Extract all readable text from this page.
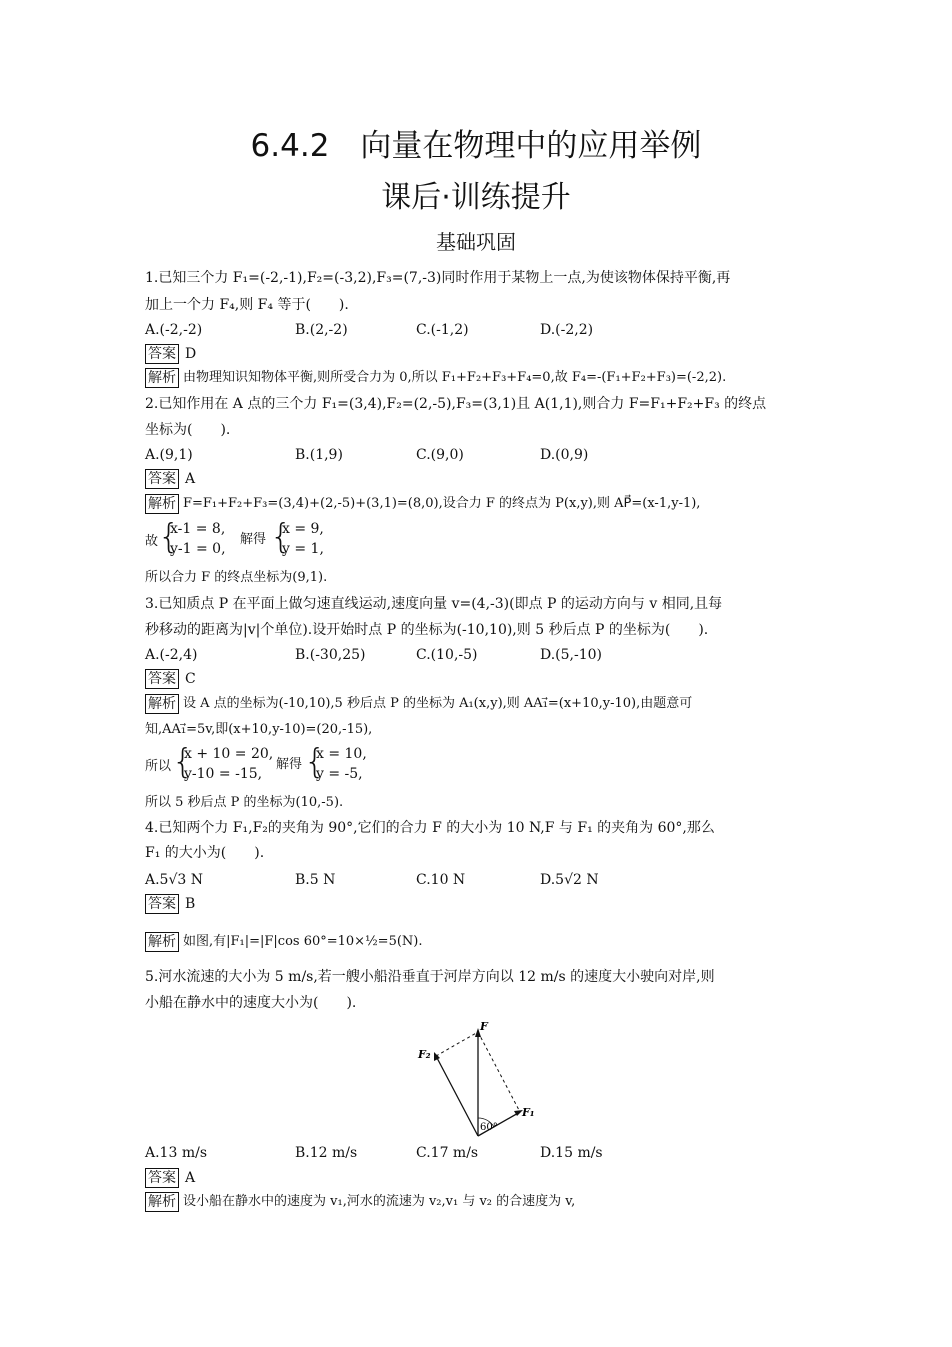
6.4.2　向量在物理中的应用举例
课后·训练提升
基础巩固
1.已知三个力 F₁=(-2,-1),F₂=(-3,2),F₃=(7,-3)同时作用于某物上一点,为使该物体保持平衡,再
加上一个力 F₄,则 F₄ 等于(　　).
A.(-2,-2)	B.(2,-2)	C.(-1,2)	D.(-2,2)
答案 D
解析 由物理知识知物体平衡,则所受合力为 0,所以 F₁+F₂+F₃+F₄=0,故 F₄=-(F₁+F₂+F₃)=(-2,2).
2.已知作用在 A 点的三个力 F₁=(3,4),F₂=(2,-5),F₃=(3,1)且 A(1,1),则合力 F=F₁+F₂+F₃ 的终点
坐标为(　　).
A.(9,1)	B.(1,9)	C.(9,0)	D.(0,9)
答案 A
解析 F=F₁+F₂+F₃=(3,4)+(2,-5)+(3,1)=(8,0),设合力 F 的终点为 P(x,y),则 AP⃗=(x-1,y-1),
故 {
x-1 = 8,
y-1 = 0,
解得 {
x = 9,
y = 1,
所以合力 F 的终点坐标为(9,1).
3.已知质点 P 在平面上做匀速直线运动,速度向量 v=(4,-3)(即点 P 的运动方向与 v 相同,且每
秒移动的距离为|v|个单位).设开始时点 P 的坐标为(-10,10),则 5 秒后点 P 的坐标为(　　).
A.(-2,4)	B.(-30,25)	C.(10,-5)	D.(5,-10)
答案 C
解析 设 A 点的坐标为(-10,10),5 秒后点 P 的坐标为 A₁(x,y),则 AA₁⃗=(x+10,y-10),由题意可
知,AA₁⃗=5v,即(x+10,y-10)=(20,-15),
所以 {
x + 10 = 20,
y-10 = -15,
解得 {
x = 10,
y = -5,
所以 5 秒后点 P 的坐标为(10,-5).
4.已知两个力 F₁,F₂的夹角为 90°,它们的合力 F 的大小为 10 N,F 与 F₁ 的夹角为 60°,那么
F₁ 的大小为(　　).
A.5√3 N	B.5 N	C.10 N	D.5√2 N
答案 B
解析 如图,有|F₁|=|F|cos 60°=10×½=5(N).
5.河水流速的大小为 5 m/s,若一艘小船沿垂直于河岸方向以 12 m/s 的速度大小驶向对岸,则
小船在静水中的速度大小为(　　).
F
F₂
F₁
60°
A.13 m/s	B.12 m/s	C.17 m/s	D.15 m/s
答案 A
解析 设小船在静水中的速度为 v₁,河水的流速为 v₂,v₁ 与 v₂ 的合速度为 v,
